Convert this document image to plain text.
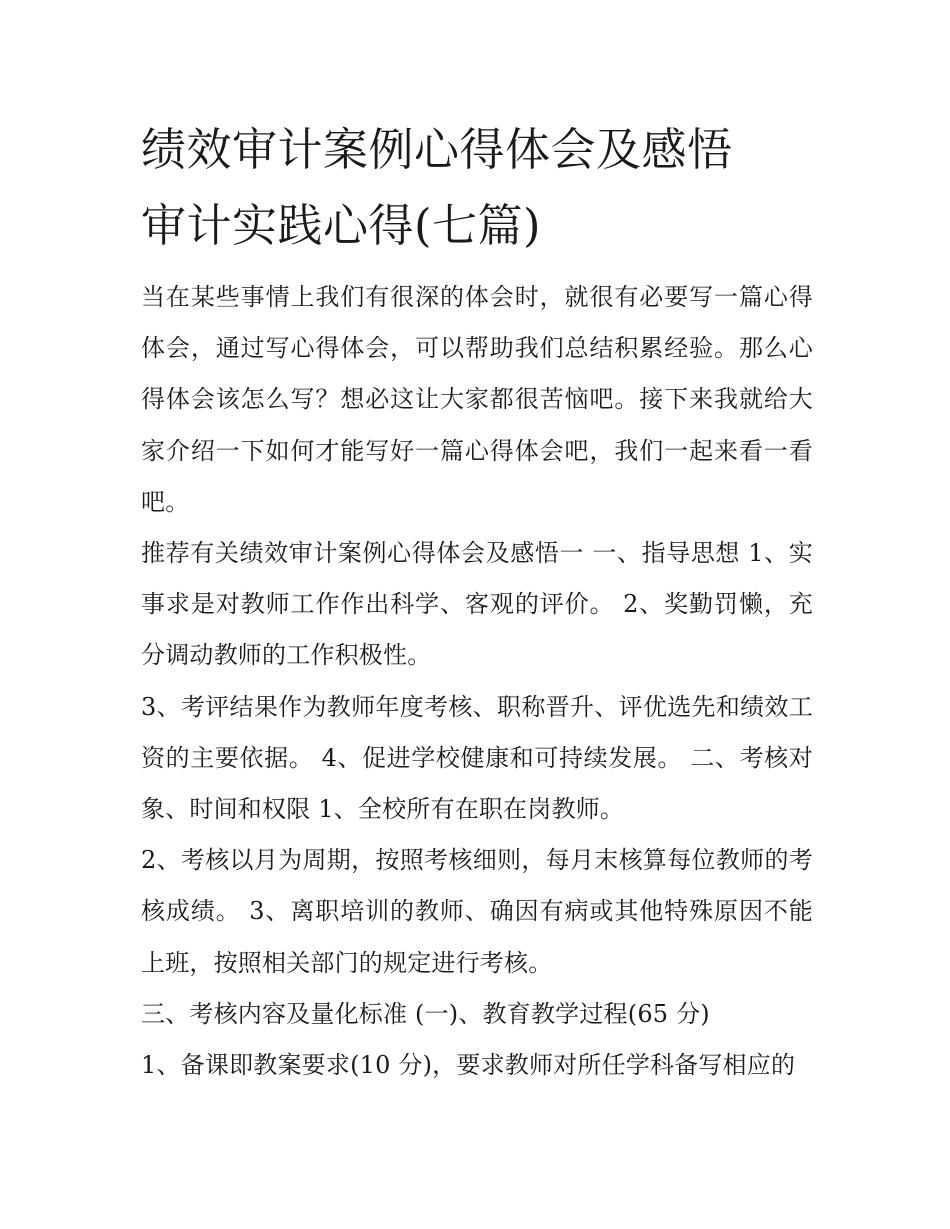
绩效审计案例心得体会及感悟
审计实践心得(七篇)

当在某些事情上我们有很深的体会时，就很有必要写一篇心得体会，通过写心得体会，可以帮助我们总结积累经验。那么心得体会该怎么写？想必这让大家都很苦恼吧。接下来我就给大家介绍一下如何才能写好一篇心得体会吧，我们一起来看一看吧。

推荐有关绩效审计案例心得体会及感悟一 一、指导思想 1、实事求是对教师工作作出科学、客观的评价。 2、奖勤罚懒，充分调动教师的工作积极性。

3、考评结果作为教师年度考核、职称晋升、评优选先和绩效工资的主要依据。 4、促进学校健康和可持续发展。 二、考核对象、时间和权限 1、全校所有在职在岗教师。

2、考核以月为周期，按照考核细则，每月末核算每位教师的考核成绩。 3、离职培训的教师、确因有病或其他特殊原因不能上班，按照相关部门的规定进行考核。

三、考核内容及量化标准 (一)、教育教学过程(65 分)

1、备课即教案要求(10 分)，要求教师对所任学科备写相应的
